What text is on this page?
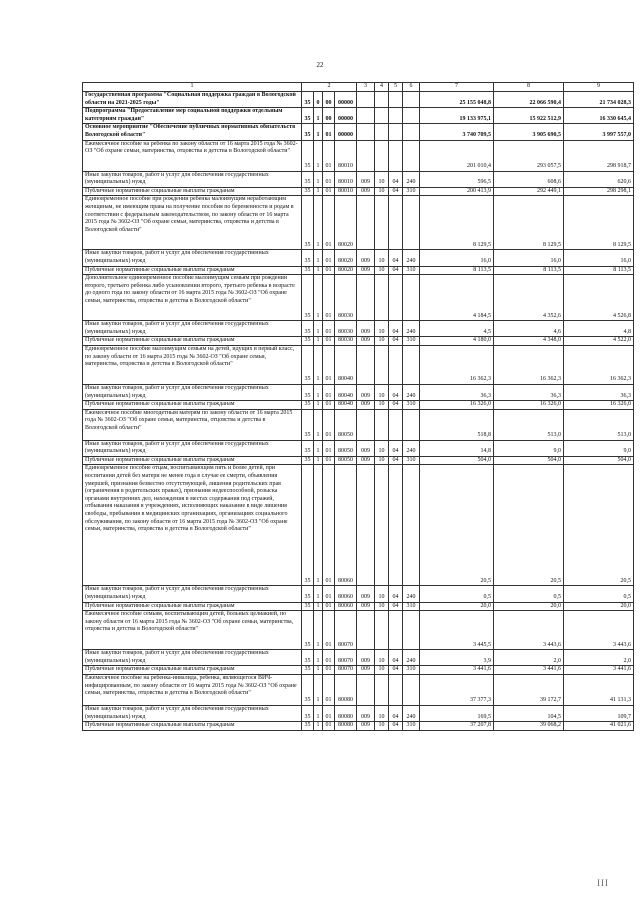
22
1	2				3	4	5	6	7	8	9
Государственная программа "Социальная поддержка граждан в Вологодской области на 2021-2025 годы"	35	0	00	00000					25 155 048,8	22 066 590,4	21 734 028,3
Подпрограмма "Предоставление мер социальной поддержки отдельным категориям граждан"	35	1	00	00000					19 133 975,1	15 922 512,9	16 330 645,4
Основное мероприятие "Обеспечение публичных нормативных обязательств Вологодской области"	35	1	01	00000					3 740 709,5	3 905 690,5	3 997 557,0
Ежемесячное пособие на ребенка по закону области от 16 марта 2015 года № 3602-ОЗ "Об охране семьи, материнства, отцовства и детства в Вологодской области"	35	1	01	80010					201 010,4	293 057,5	298 918,7
Иные закупки товаров, работ и услуг для обеспечения государственных (муниципальных) нужд	35	1	01	80010	009	10	04	240	596,5	608,6	620,6
Публичные нормативные социальные выплаты гражданам	35	1	01	80010	009	10	04	310	200 413,9	292 449,1	298 298,1
Единовременное пособие при рождении ребенка малоимущим неработающим женщинам, не имеющим права на получение пособия по беременности и родам в соответствии с федеральным законодательством, по закону области от 16 марта 2015 года № 3602-ОЗ "Об охране семьи, материнства, отцовства и детства в Вологодской области"	35	1	01	80020					8 129,5	8 129,5	8 129,5
Иные закупки товаров, работ и услуг для обеспечения государственных (муниципальных) нужд	35	1	01	80020	009	10	04	240	16,0	16,0	16,0
Публичные нормативные социальные выплаты гражданам	35	1	01	80020	009	10	04	310	8 113,5	8 113,5	8 113,5
Дополнительное единовременное пособие малоимущим семьям при рождении второго, третьего ребенка либо усыновлении второго, третьего ребенка в возрасте до одного года по закону области от 16 марта 2015 года № 3602-ОЗ "Об охране семьи, материнства, отцовства и детства в Вологодской области"	35	1	01	80030					4 184,5	4 352,6	4 526,8
Иные закупки товаров, работ и услуг для обеспечения государственных (муниципальных) нужд	35	1	01	80030	009	10	04	240	4,5	4,6	4,8
Публичные нормативные социальные выплаты гражданам	35	1	01	80030	009	10	04	310	4 180,0	4 348,0	4 522,0
Единовременное пособие малоимущим семьям на детей, идущих в первый класс, по закону области от 16 марта 2015 года № 3602-ОЗ "Об охране семьи, материнства, отцовства и детства в Вологодской области"	35	1	01	80040					16 362,3	16 362,3	16 362,3
Иные закупки товаров, работ и услуг для обеспечения государственных (муниципальных) нужд	35	1	01	80040	009	10	04	240	36,3	36,3	36,3
Публичные нормативные социальные выплаты гражданам	35	1	01	80040	009	10	04	310	16 326,0	16 326,0	16 326,0
Ежемесячное пособие многодетным матерям по закону области от 16 марта 2015 года № 3602-ОЗ "Об охране семьи, материнства, отцовства и детства в Вологодской области"	35	1	01	80050					518,8	513,0	513,0
Иные закупки товаров, работ и услуг для обеспечения государственных (муниципальных) нужд	35	1	01	80050	009	10	04	240	14,8	9,0	9,0
Публичные нормативные социальные выплаты гражданам	35	1	01	80050	009	10	04	310	504,0	504,0	504,0
Единовременное пособие отцам, воспитывающим пять и более детей, при воспитании детей без матери не менее года в случае ее смерти, объявления умершей, признания безвестно отсутствующей, лишения родительских прав (ограничения в родительских правах), признания недееспособной, розыска органами внутренних дел, нахождения в местах содержания под стражей, отбывания наказания в учреждениях, исполняющих наказание в виде лишения свободы, пребывания в медицинских организациях, организациях социального обслуживания, по закону области от 16 марта 2015 года № 3602-ОЗ "Об охране семьи, материнства, отцовства и детства в Вологодской области"	35	1	01	80060					20,5	20,5	20,5
Иные закупки товаров, работ и услуг для обеспечения государственных (муниципальных) нужд	35	1	01	80060	009	10	04	240	0,5	0,5	0,5
Публичные нормативные социальные выплаты гражданам	35	1	01	80060	009	10	04	310	20,0	20,0	20,0
Ежемесячное пособие семьям, воспитывающим детей, больных целиакией, по закону области от 16 марта 2015 года № 3602-ОЗ "Об охране семьи, материнства, отцовства и детства в Вологодской области"	35	1	01	80070					3 445,5	3 443,6	3 443,6
Иные закупки товаров, работ и услуг для обеспечения государственных (муниципальных) нужд	35	1	01	80070	009	10	04	240	3,9	2,0	2,0
Публичные нормативные социальные выплаты гражданам	35	1	01	80070	009	10	04	310	3 441,6	3 441,6	3 441,6
Ежемесячное пособие на ребенка-инвалида, ребенка, являющегося ВИЧ-инфицированным, по закону области от 16 марта 2015 года № 3602-ОЗ "Об охране семьи, материнства, отцовства и детства в Вологодской области"	35	1	01	80080					37 377,3	39 172,7	41 131,3
Иные закупки товаров, работ и услуг для обеспечения государственных (муниципальных) нужд	35	1	01	80080	009	10	04	240	169,5	104,5	109,7
Публичные нормативные социальные выплаты гражданам	35	1	01	80080	009	10	04	310	37 207,8	39 068,2	41 021,6
III
